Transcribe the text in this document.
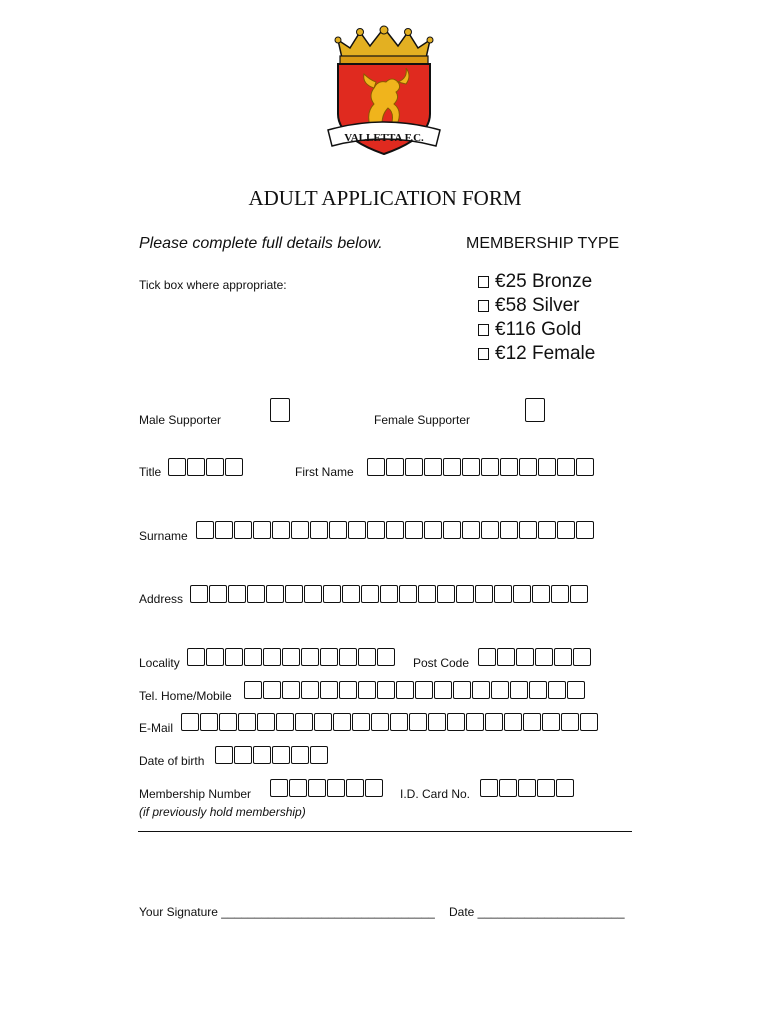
VALLETTA F.C.
ADULT APPLICATION FORM
Please complete full details below.	MEMBERSHIP TYPE
Tick box where appropriate:	€25 Bronze
€58 Silver
€116 Gold
€12 Female
Male Supporter	Female Supporter
Title	First Name
Surname
Address
Locality	Post Code
Tel. Home/Mobile
E-Mail
Date of birth
Membership Number	I.D. Card No.
(if previously hold membership)
Your Signature ________________________________ Date ______________________
